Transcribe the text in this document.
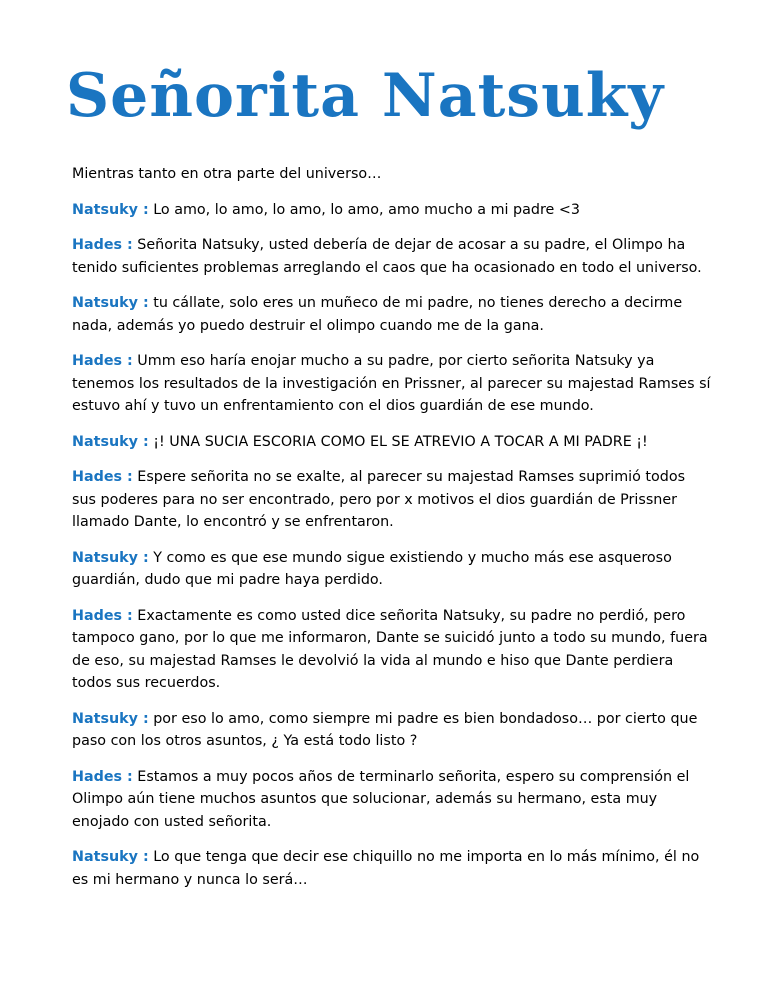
Señorita Natsuky

Mientras tanto en otra parte del universo…

Natsuky : Lo amo, lo amo, lo amo, lo amo, amo mucho a mi padre <3

Hades : Señorita Natsuky, usted debería de dejar de acosar a su padre, el Olimpo ha tenido suficientes problemas arreglando el caos que ha ocasionado en todo el universo.

Natsuky : tu cállate, solo eres un muñeco de mi padre, no tienes derecho a decirme nada, además yo puedo destruir el olimpo cuando me de la gana.

Hades : Umm eso haría enojar mucho a su padre, por cierto señorita Natsuky ya tenemos los resultados de la investigación en Prissner, al parecer su majestad Ramses sí estuvo ahí y tuvo un enfrentamiento con el dios guardián de ese mundo.

Natsuky : ¡! UNA SUCIA ESCORIA COMO EL SE ATREVIO A TOCAR A MI PADRE ¡!

Hades : Espere señorita no se exalte, al parecer su majestad Ramses suprimió todos sus poderes para no ser encontrado, pero por x motivos el dios guardián de Prissner llamado Dante, lo encontró y se enfrentaron.

Natsuky : Y como es que ese mundo sigue existiendo y mucho más ese asqueroso guardián, dudo que mi padre haya perdido.

Hades : Exactamente es como usted dice señorita Natsuky, su padre no perdió, pero tampoco gano, por lo que me informaron, Dante se suicidó junto a todo su mundo, fuera de eso, su majestad Ramses le devolvió la vida al mundo e hiso que Dante perdiera todos sus recuerdos.

Natsuky : por eso lo amo, como siempre mi padre es bien bondadoso… por cierto que paso con los otros asuntos, ¿ Ya está todo listo ?

Hades : Estamos a muy pocos años de terminarlo señorita, espero su comprensión el Olimpo aún tiene muchos asuntos que solucionar, además su hermano, esta muy enojado con usted señorita.

Natsuky : Lo que tenga que decir ese chiquillo no me importa en lo más mínimo, él no es mi hermano y nunca lo será…
